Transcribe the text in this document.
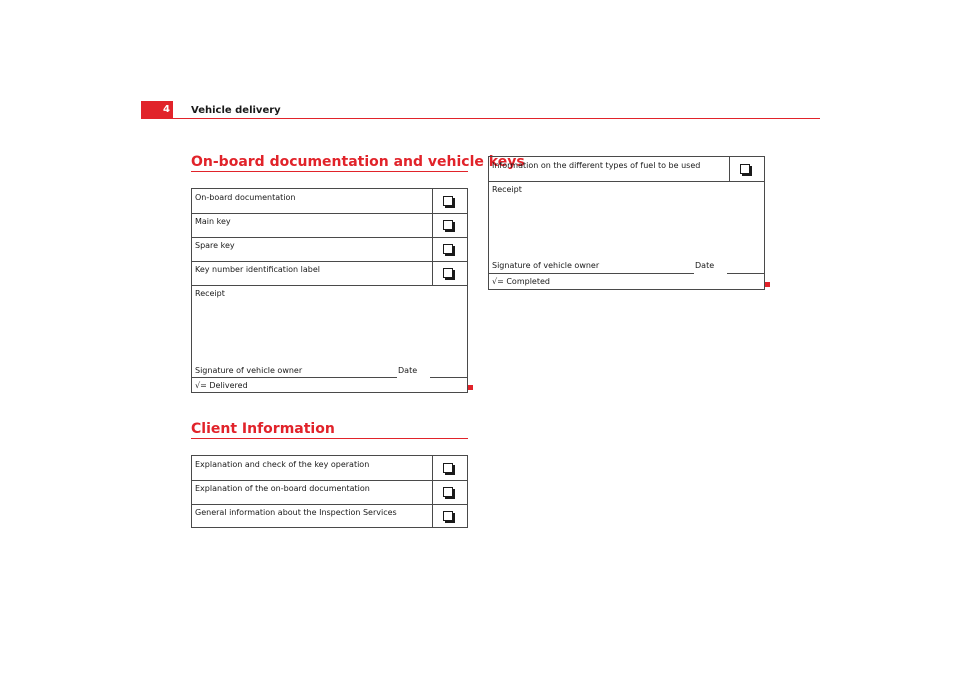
4 Vehicle delivery
On-board documentation and vehicle keys
On-board documentation
Main key
Spare key
Key number identification label
Receipt
Signature of vehicle owner	Date
√= Delivered
Client Information
Explanation and check of the key operation
Explanation of the on-board documentation
General information about the Inspection Services
Information on the different types of fuel to be used
Receipt
Signature of vehicle owner	Date
√= Completed
